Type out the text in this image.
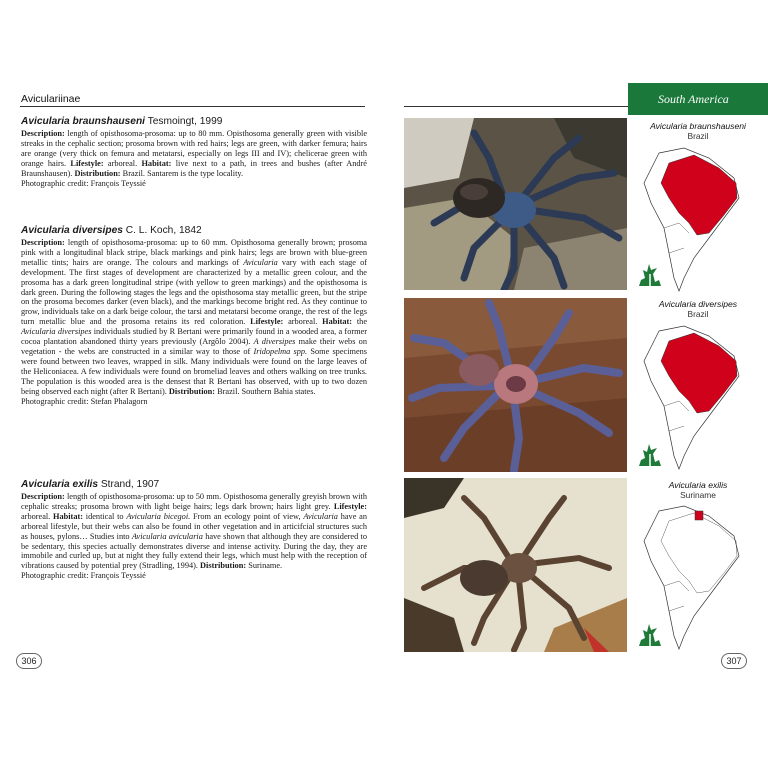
Aviculariinae
Avicularia braunshauseni Tesmoingt, 1999

Description: length of opisthosoma-prosoma: up to 80 mm. Opisthosoma generally green with visible streaks in the cephalic section; prosoma brown with red hairs; legs are green, with darker femura; hairs are orange (very thick on femura and metatarsi, especially on legs III and IV); chelicerae green with orange hairs. Lifestyle: arboreal. Habitat: live next to a path, in trees and bushes (after André Braunshausen). Distribution: Brazil. Santarem is the type locality.

Photographic credit: François Teyssié

Avicularia diversipes C. L. Koch, 1842

Description: length of opisthosoma-prosoma: up to 60 mm. Opisthosoma generally brown; prosoma pink with a longitudinal black stripe, black markings and pink hairs; legs are brown with blue-green metallic tints; hairs are orange. The colours and markings of Avicularia vary with each stage of development. The first stages of development are characterized by a metallic green colour, and the prosoma has a dark green longitudinal stripe (with yellow to green markings) and the opisthosoma is dark green. During the following stages the legs and the opisthosoma stay metallic green, but the stripe on the prosoma becomes darker (even black), and the markings become bright red. As they continue to grow, individuals take on a dark beige colour, the tarsi and metatarsi become orange, the rest of the legs turn metallic blue and the prosoma retains its red coloration. Lifestyle: arboreal. Habitat: the Avicularia diversipes individuals studied by R Bertani were primarily found in a wooded area, a former cocoa plantation abandoned thirty years previously (Argôlo 2004). A diversipes make their webs on vegetation - the webs are constructed in a similar way to those of Iridopelma spp. Some specimens were found between two leaves, wrapped in silk. Many individuals were found on the large leaves of the Heliconiacea. A few individuals were found on bromeliad leaves and others walking on tree trunks. The population is this wooded area is the densest that R Bertani has observed, with up to two dozen being observed each night (after R Bertani). Distribution: Brazil. Southern Bahia states.

Photographic credit: Stefan Phalagorn

Avicularia exilis Strand, 1907

Description: length of opisthosoma-prosoma: up to 50 mm. Opisthosoma generally greyish brown with cephalic streaks; prosoma brown with light beige hairs; legs dark brown; hairs light grey. Lifestyle: arboreal. Habitat: identical to Avicularia bicegoi. From an ecology point of view, Avicularia have an arboreal lifestyle, but their webs can also be found in other vegetation and in articifcial structures such as houses, pylons… Studies into Avicularia avicularia have shown that although they are considered to be sedentary, this species actually demonstrates diverse and intense activity. During the day, they are immobile and curled up, but at night they fully extend their legs, which must help with the reception of vibrations caused by potential prey (Stradling, 1994). Distribution: Suriname.

Photographic credit: François Teyssié

306
South America
Avicularia braunshauseni
Brazil
Avicularia diversipes
Brazil
Avicularia exilis
Suriname
307
